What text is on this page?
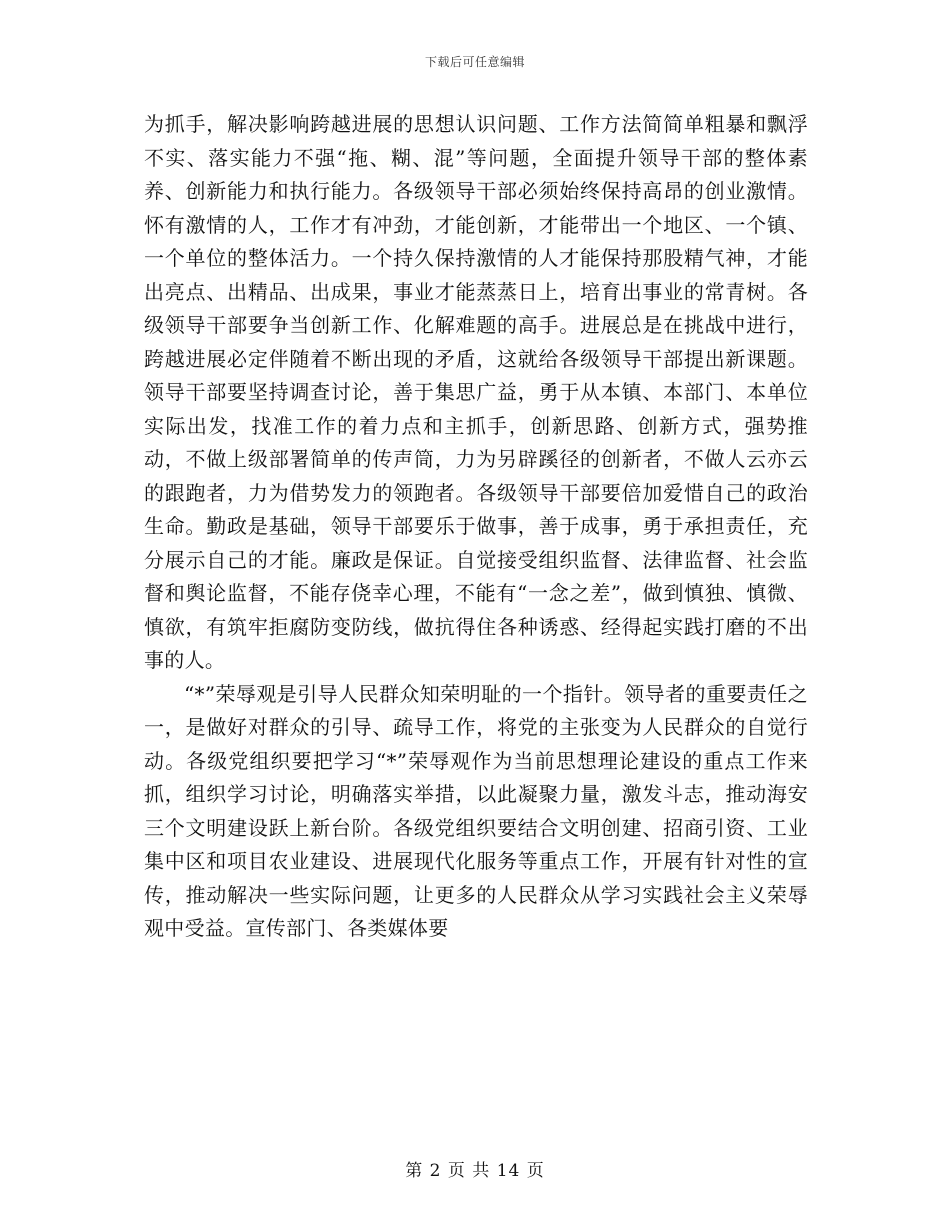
下载后可任意编辑

为抓手，解决影响跨越进展的思想认识问题、工作方法简简单粗暴和飘浮不实、落实能力不强“拖、糊、混”等问题，全面提升领导干部的整体素养、创新能力和执行能力。各级领导干部必须始终保持高昂的创业激情。怀有激情的人，工作才有冲劲，才能创新，才能带出一个地区、一个镇、一个单位的整体活力。一个持久保持激情的人才能保持那股精气神，才能出亮点、出精品、出成果，事业才能蒸蒸日上，培育出事业的常青树。各级领导干部要争当创新工作、化解难题的高手。进展总是在挑战中进行，跨越进展必定伴随着不断出现的矛盾，这就给各级领导干部提出新课题。领导干部要坚持调查讨论，善于集思广益，勇于从本镇、本部门、本单位实际出发，找准工作的着力点和主抓手，创新思路、创新方式，强势推动，不做上级部署简单的传声筒，力为另辟蹊径的创新者，不做人云亦云的跟跑者，力为借势发力的领跑者。各级领导干部要倍加爱惜自己的政治生命。勤政是基础，领导干部要乐于做事，善于成事，勇于承担责任，充分展示自己的才能。廉政是保证。自觉接受组织监督、法律监督、社会监督和舆论监督，不能存侥幸心理，不能有“一念之差”，做到慎独、慎微、慎欲，有筑牢拒腐防变防线，做抗得住各种诱惑、经得起实践打磨的不出事的人。

“*”荣辱观是引导人民群众知荣明耻的一个指针。领导者的重要责任之一，是做好对群众的引导、疏导工作，将党的主张变为人民群众的自觉行动。各级党组织要把学习“*”荣辱观作为当前思想理论建设的重点工作来抓，组织学习讨论，明确落实举措，以此凝聚力量，激发斗志，推动海安三个文明建设跃上新台阶。各级党组织要结合文明创建、招商引资、工业集中区和项目农业建设、进展现代化服务等重点工作，开展有针对性的宣传，推动解决一些实际问题，让更多的人民群众从学习实践社会主义荣辱观中受益。宣传部门、各类媒体要

第 2 页 共 14 页
